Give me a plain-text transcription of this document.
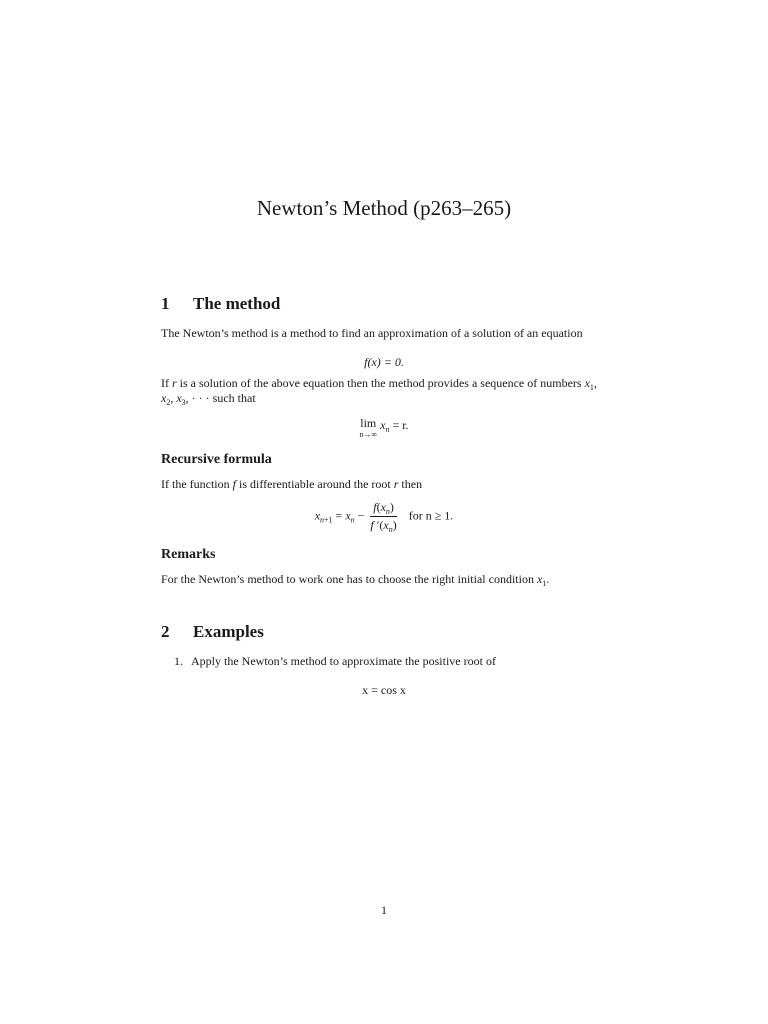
Newton’s Method (p263–265)
1 The method
The Newton’s method is a method to find an approximation of a solution of an equation
f(x) = 0.
If r is a solution of the above equation then the method provides a sequence of numbers $x_1$, $x_2$, $x_3$, · · · such that
lim
n→∞
$x_n = r$.
Recursive formula
If the function f is differentiable around the root r then
$x_{n+1} = x_n - \frac{f(x_n)}{f '(x_n)}$ for n ≥ 1.
Remarks
For the Newton’s method to work one has to choose the right initial condition $x_1$.
2 Examples
1. Apply the Newton’s method to approximate the positive root of
x = cos x
1
